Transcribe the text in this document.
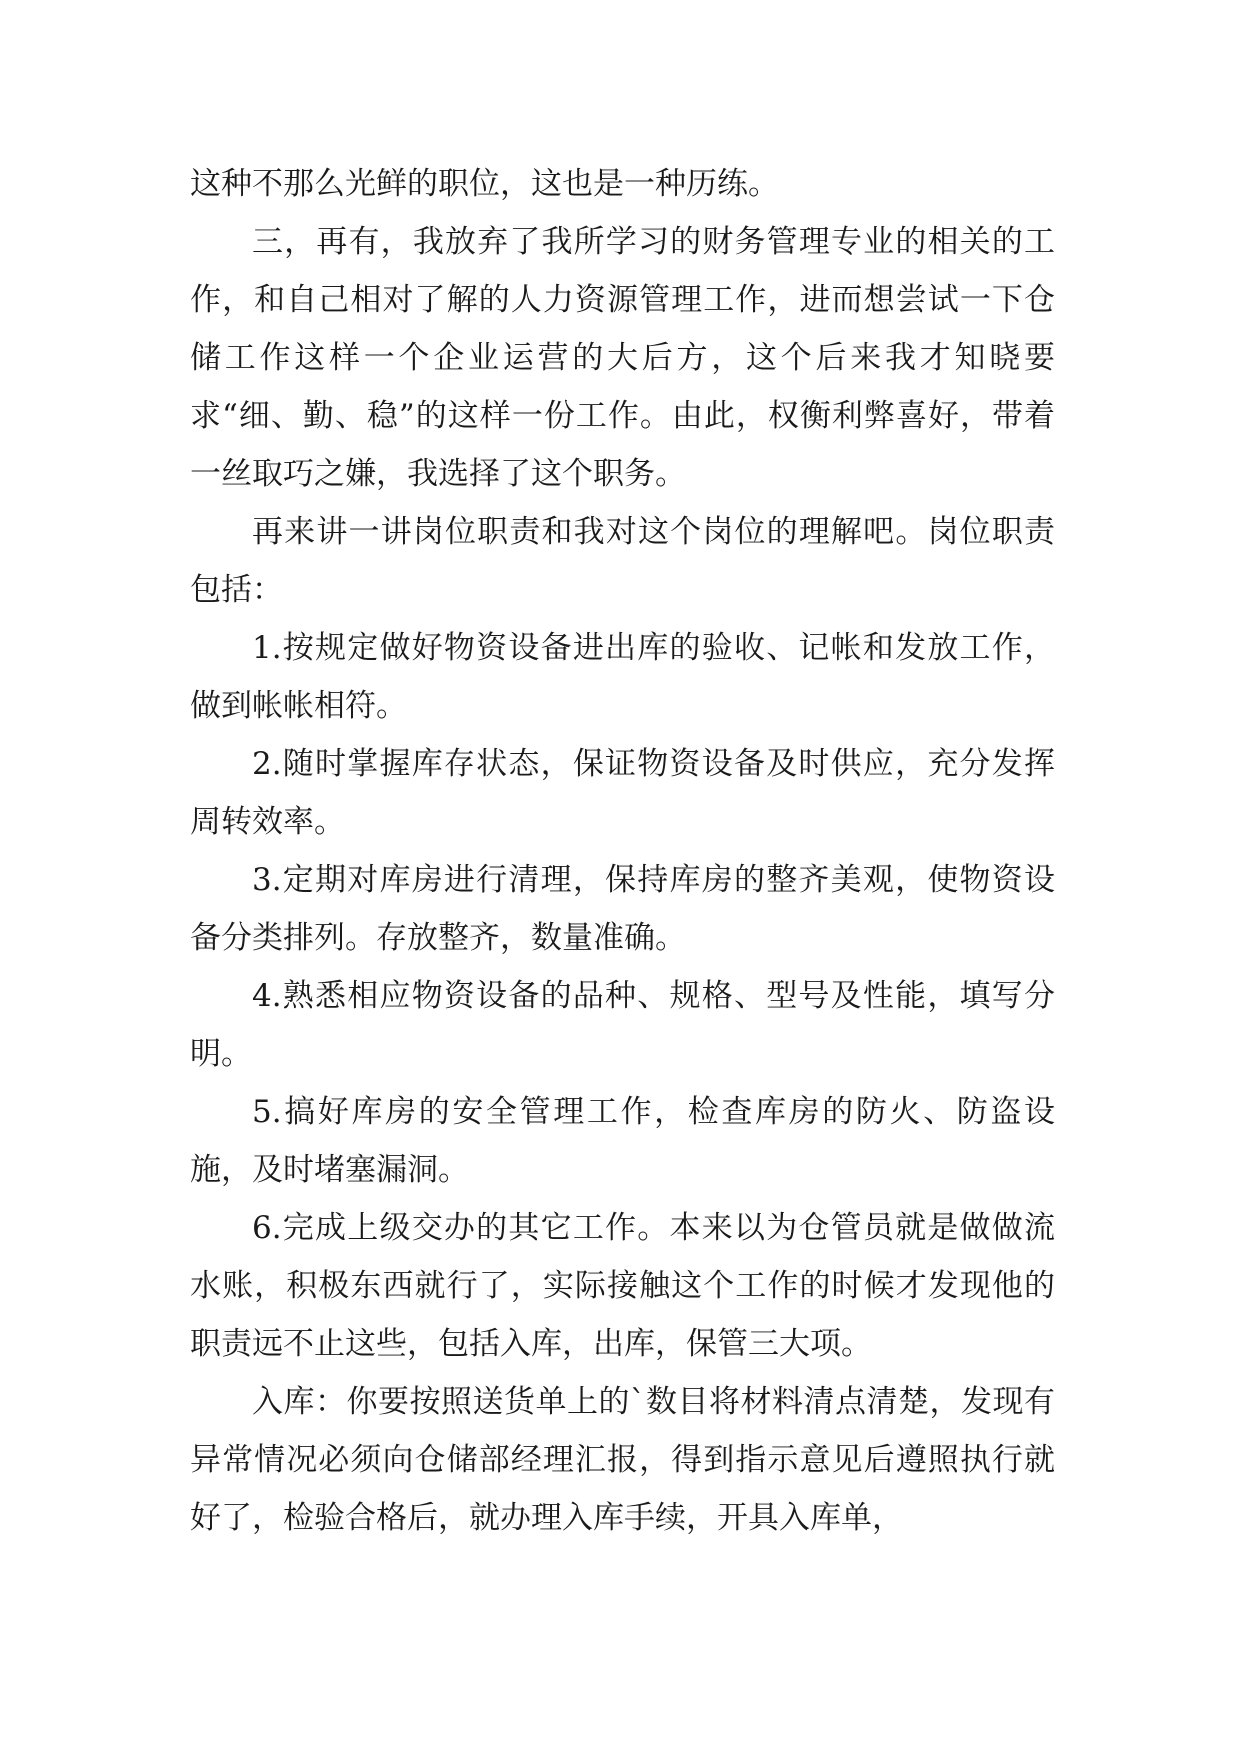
这种不那么光鲜的职位，这也是一种历练。

三，再有，我放弃了我所学习的财务管理专业的相关的工作，和自己相对了解的人力资源管理工作，进而想尝试一下仓储工作这样一个企业运营的大后方，这个后来我才知晓要求“细、勤、稳”的这样一份工作。由此，权衡利弊喜好，带着一丝取巧之嫌，我选择了这个职务。

再来讲一讲岗位职责和我对这个岗位的理解吧。岗位职责包括：

1.按规定做好物资设备进出库的验收、记帐和发放工作，做到帐帐相符。

2.随时掌握库存状态，保证物资设备及时供应，充分发挥周转效率。

3.定期对库房进行清理，保持库房的整齐美观，使物资设备分类排列。存放整齐，数量准确。

4.熟悉相应物资设备的品种、规格、型号及性能，填写分明。

5.搞好库房的安全管理工作，检查库房的防火、防盗设施，及时堵塞漏洞。

6.完成上级交办的其它工作。本来以为仓管员就是做做流水账，积极东西就行了，实际接触这个工作的时候才发现他的职责远不止这些，包括入库，出库，保管三大项。

入库：你要按照送货单上的`数目将材料清点清楚，发现有异常情况必须向仓储部经理汇报，得到指示意见后遵照执行就好了，检验合格后，就办理入库手续，开具入库单，
